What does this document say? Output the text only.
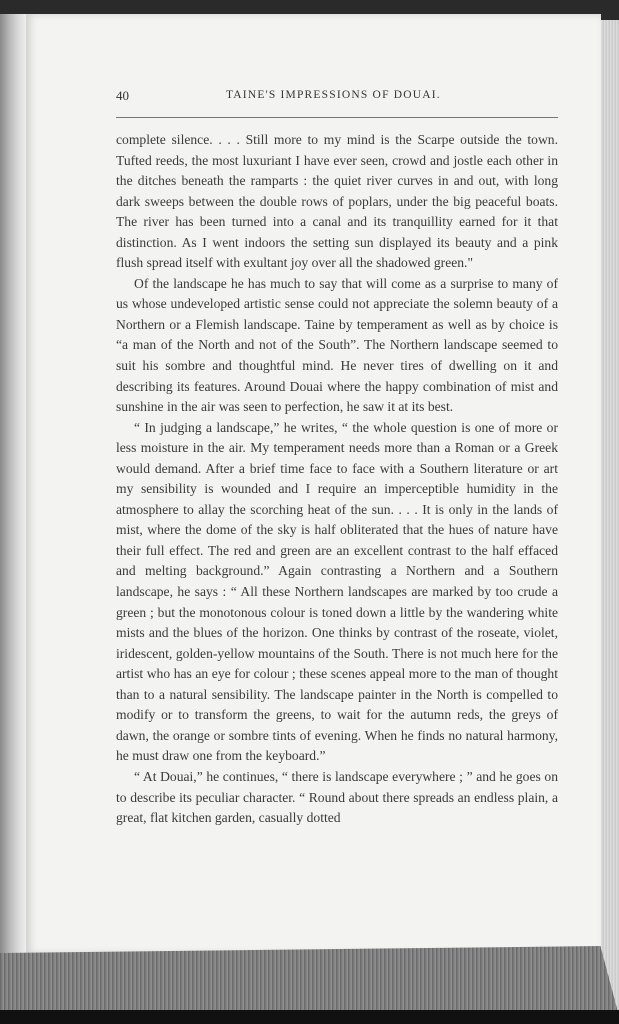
40	TAINE'S IMPRESSIONS OF DOUAI.

complete silence. . . . Still more to my mind is the Scarpe outside the town. Tufted reeds, the most luxuriant I have ever seen, crowd and jostle each other in the ditches beneath the ramparts : the quiet river curves in and out, with long dark sweeps between the double rows of poplars, under the big peaceful boats. The river has been turned into a canal and its tranquillity earned for it that distinction. As I went indoors the setting sun displayed its beauty and a pink flush spread itself with exultant joy over all the shadowed green."

Of the landscape he has much to say that will come as a surprise to many of us whose undeveloped artistic sense could not appreciate the solemn beauty of a Northern or a Flemish landscape. Taine by temperament as well as by choice is “a man of the North and not of the South”. The Northern landscape seemed to suit his sombre and thoughtful mind. He never tires of dwelling on it and describing its features. Around Douai where the happy combination of mist and sunshine in the air was seen to perfection, he saw it at its best.

“ In judging a landscape,” he writes, “ the whole question is one of more or less moisture in the air. My temperament needs more than a Roman or a Greek would demand. After a brief time face to face with a Southern literature or art my sensibility is wounded and I require an imperceptible humidity in the atmosphere to allay the scorching heat of the sun. . . . It is only in the lands of mist, where the dome of the sky is half obliterated that the hues of nature have their full effect. The red and green are an excellent contrast to the half effaced and melting background.” Again contrasting a Northern and a Southern landscape, he says : “ All these Northern landscapes are marked by too crude a green ; but the monotonous colour is toned down a little by the wandering white mists and the blues of the horizon. One thinks by contrast of the roseate, violet, iridescent, golden-yellow mountains of the South. There is not much here for the artist who has an eye for colour ; these scenes appeal more to the man of thought than to a natural sensibility. The landscape painter in the North is compelled to modify or to transform the greens, to wait for the autumn reds, the greys of dawn, the orange or sombre tints of evening. When he finds no natural harmony, he must draw one from the keyboard.”

“ At Douai,” he continues, “ there is landscape everywhere ; ” and he goes on to describe its peculiar character. “ Round about there spreads an endless plain, a great, flat kitchen garden, casually dotted
